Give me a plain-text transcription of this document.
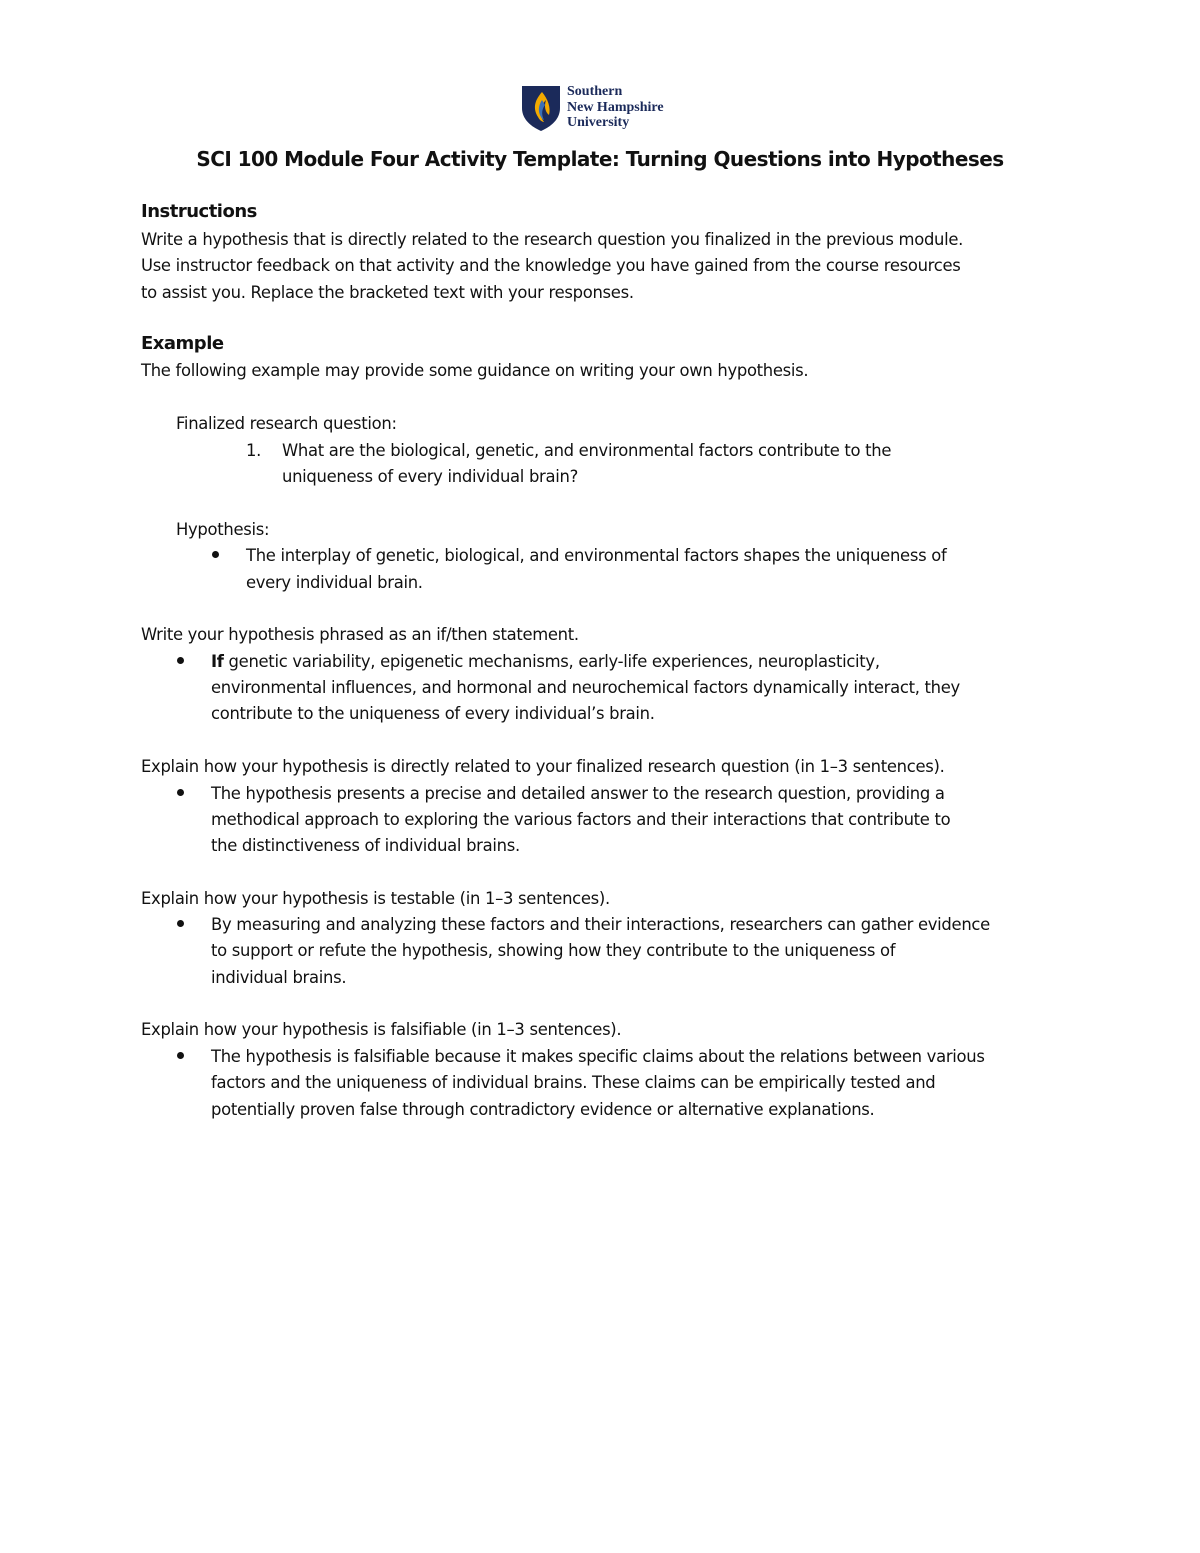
Southern
New Hampshire
University
SCI 100 Module Four Activity Template: Turning Questions into Hypotheses
Instructions
Write a hypothesis that is directly related to the research question you finalized in the previous module.
Use instructor feedback on that activity and the knowledge you have gained from the course resources
to assist you. Replace the bracketed text with your responses.
Example
The following example may provide some guidance on writing your own hypothesis.
Finalized research question:
1. What are the biological, genetic, and environmental factors contribute to the
uniqueness of every individual brain?
Hypothesis:
The interplay of genetic, biological, and environmental factors shapes the uniqueness of
every individual brain.
Write your hypothesis phrased as an if/then statement.
If genetic variability, epigenetic mechanisms, early-life experiences, neuroplasticity,
environmental influences, and hormonal and neurochemical factors dynamically interact, they
contribute to the uniqueness of every individual’s brain.
Explain how your hypothesis is directly related to your finalized research question (in 1–3 sentences).
The hypothesis presents a precise and detailed answer to the research question, providing a
methodical approach to exploring the various factors and their interactions that contribute to
the distinctiveness of individual brains.
Explain how your hypothesis is testable (in 1–3 sentences).
By measuring and analyzing these factors and their interactions, researchers can gather evidence
to support or refute the hypothesis, showing how they contribute to the uniqueness of
individual brains.
Explain how your hypothesis is falsifiable (in 1–3 sentences).
The hypothesis is falsifiable because it makes specific claims about the relations between various
factors and the uniqueness of individual brains. These claims can be empirically tested and
potentially proven false through contradictory evidence or alternative explanations.
